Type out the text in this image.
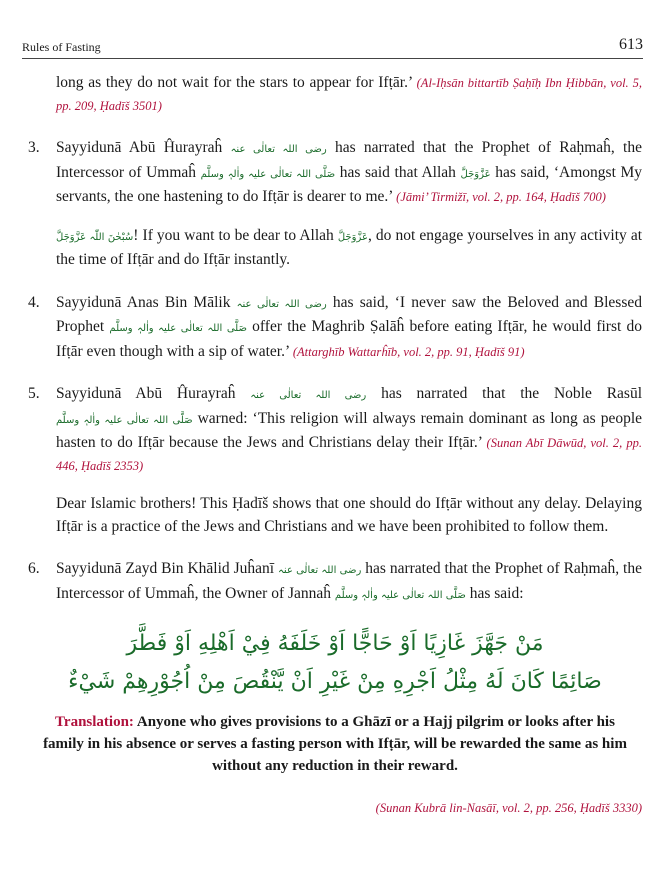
Rules of Fasting	613

long as they do not wait for the stars to appear for Ifṭār.’ (Al-Iḥsān bittartīb Ṣaḥīḥ Ibn Ḥibbān, vol. 5, pp. 209, Ḥadīš 3501)

3.	Sayyidunā Abū Ĥurayraĥ رضی اللہ تعالٰی عنہ has narrated that the Prophet of Raḥmaĥ, the Intercessor of Ummaĥ صَلَّی اللہ تعالٰی علیہ واٰلہٖ وسلَّم has said that Allah عَزَّوَجَلَّ has said, ‘Amongst My servants, the one hastening to do Ifṭār is dearer to me.’ (Jāmi’ Tirmižī, vol. 2, pp. 164, Ḥadīš 700)

سُبْحٰنَ اللّٰہ عَزَّوَجَلَّ! If you want to be dear to Allah عَزَّوَجَلَّ, do not engage yourselves in any activity at the time of Ifṭār and do Ifṭār instantly.

4.	Sayyidunā Anas Bin Mālik رضی اللہ تعالٰی عنہ has said, ‘I never saw the Beloved and Blessed Prophet صَلَّی اللہ تعالٰی علیہ واٰلہٖ وسلَّم offer the Maghrib Ṣalāĥ before eating Ifṭār, he would first do Ifṭār even though with a sip of water.’ (Attarghīb Wattarĥīb, vol. 2, pp. 91, Ḥadīš 91)

5.	Sayyidunā Abū Ĥurayraĥ رضی اللہ تعالٰی عنہ has narrated that the Noble Rasūl صَلَّی اللہ تعالٰی علیہ واٰلہٖ وسلَّم warned: ‘This religion will always remain dominant as long as people hasten to do Ifṭār because the Jews and Christians delay their Ifṭār.’ (Sunan Abī Dāwūd, vol. 2, pp. 446, Ḥadīš 2353)

Dear Islamic brothers! This Ḥadīš shows that one should do Ifṭār without any delay. Delaying Ifṭār is a practice of the Jews and Christians and we have been prohibited to follow them.

6.	Sayyidunā Zayd Bin Khālid Juĥanī رضی اللہ تعالٰی عنہ has narrated that the Prophet of Raḥmaĥ, the Intercessor of Ummaĥ, the Owner of Jannaĥ صَلَّی اللہ تعالٰی علیہ واٰلہٖ وسلَّم has said:

مَنْ جَهَّزَ غَازِيًا اَوْ حَاجًّا اَوْ خَلَفَهُ فِيْ اَهْلِهِ اَوْ فَطَّرَ
صَائِمًا كَانَ لَهُ مِثْلُ اَجْرِهِ مِنْ غَيْرِ اَنْ يَّنْقُصَ مِنْ اُجُوْرِهِمْ شَيْءٌ

Translation: Anyone who gives provisions to a Ghāzī or a Hajj pilgrim or looks after his family in his absence or serves a fasting person with Ifṭār, will be rewarded the same as him without any reduction in their reward.

(Sunan Kubrā lin-Nasāī, vol. 2, pp. 256, Ḥadīš 3330)
